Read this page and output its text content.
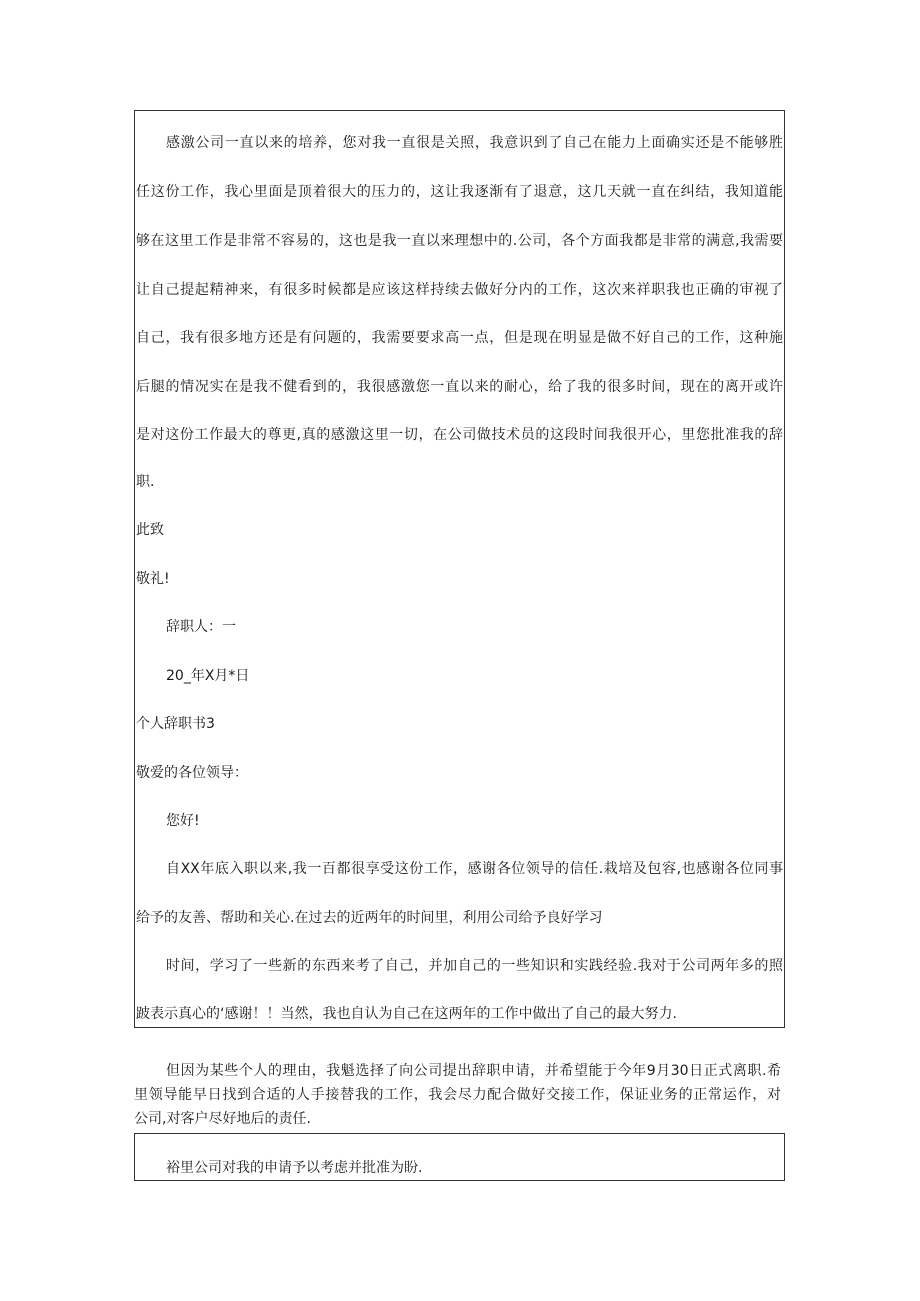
感激公司一直以来的培养，您对我一直很是关照，我意识到了自己在能力上面确实还是不能够胜
任这份工作，我心里面是顶着很大的压力的，这让我逐渐有了退意，这几天就一直在纠结，我知道能
够在这里工作是非常不容易的，这也是我一直以来理想中的.公司，各个方面我都是非常的满意,我需要
让自己提起精神来，有很多时候都是应该这样持续去做好分内的工作，这次来祥职我也正确的审视了
自己，我有很多地方还是有问题的，我需要要求高一点，但是现在明显是做不好自己的工作，这种施
后腿的情况实在是我不健看到的，我很感激您一直以来的耐心，给了我的很多时间，现在的离开或许
是对这份工作最大的尊更,真的感激这里一切，在公司做技术员的这段时间我很开心，里您批准我的辞
职.
此致
敬礼!
辞职人：一
20_年X月*日
个人辞职书3
敬爱的各位领导：
您好!
自XX年底入职以来,我一百都很享受这份工作，感谢各位领导的信任.栽培及包容,也感谢各位同事
给予的友善、帮助和关心.在过去的近两年的时间里，利用公司给予良好学习
时间，学习了一些新的东西来考了自己，并加自己的一些知识和实践经验.我对于公司两年多的照
跛表示真心的‘感谢！！当然，我也自认为自己在这两年的工作中做出了自己的最大努力.
但因为某些个人的理由，我魁选择了向公司提出辞职申请，并希望能于今年9月30日正式离职.希
里领导能早日找到合适的人手接替我的工作，我会尽力配合做好交接工作，保证业务的正常运作，对
公司,对客户尽好地后的责任.
裕里公司对我的申请予以考虑并批准为盼.
